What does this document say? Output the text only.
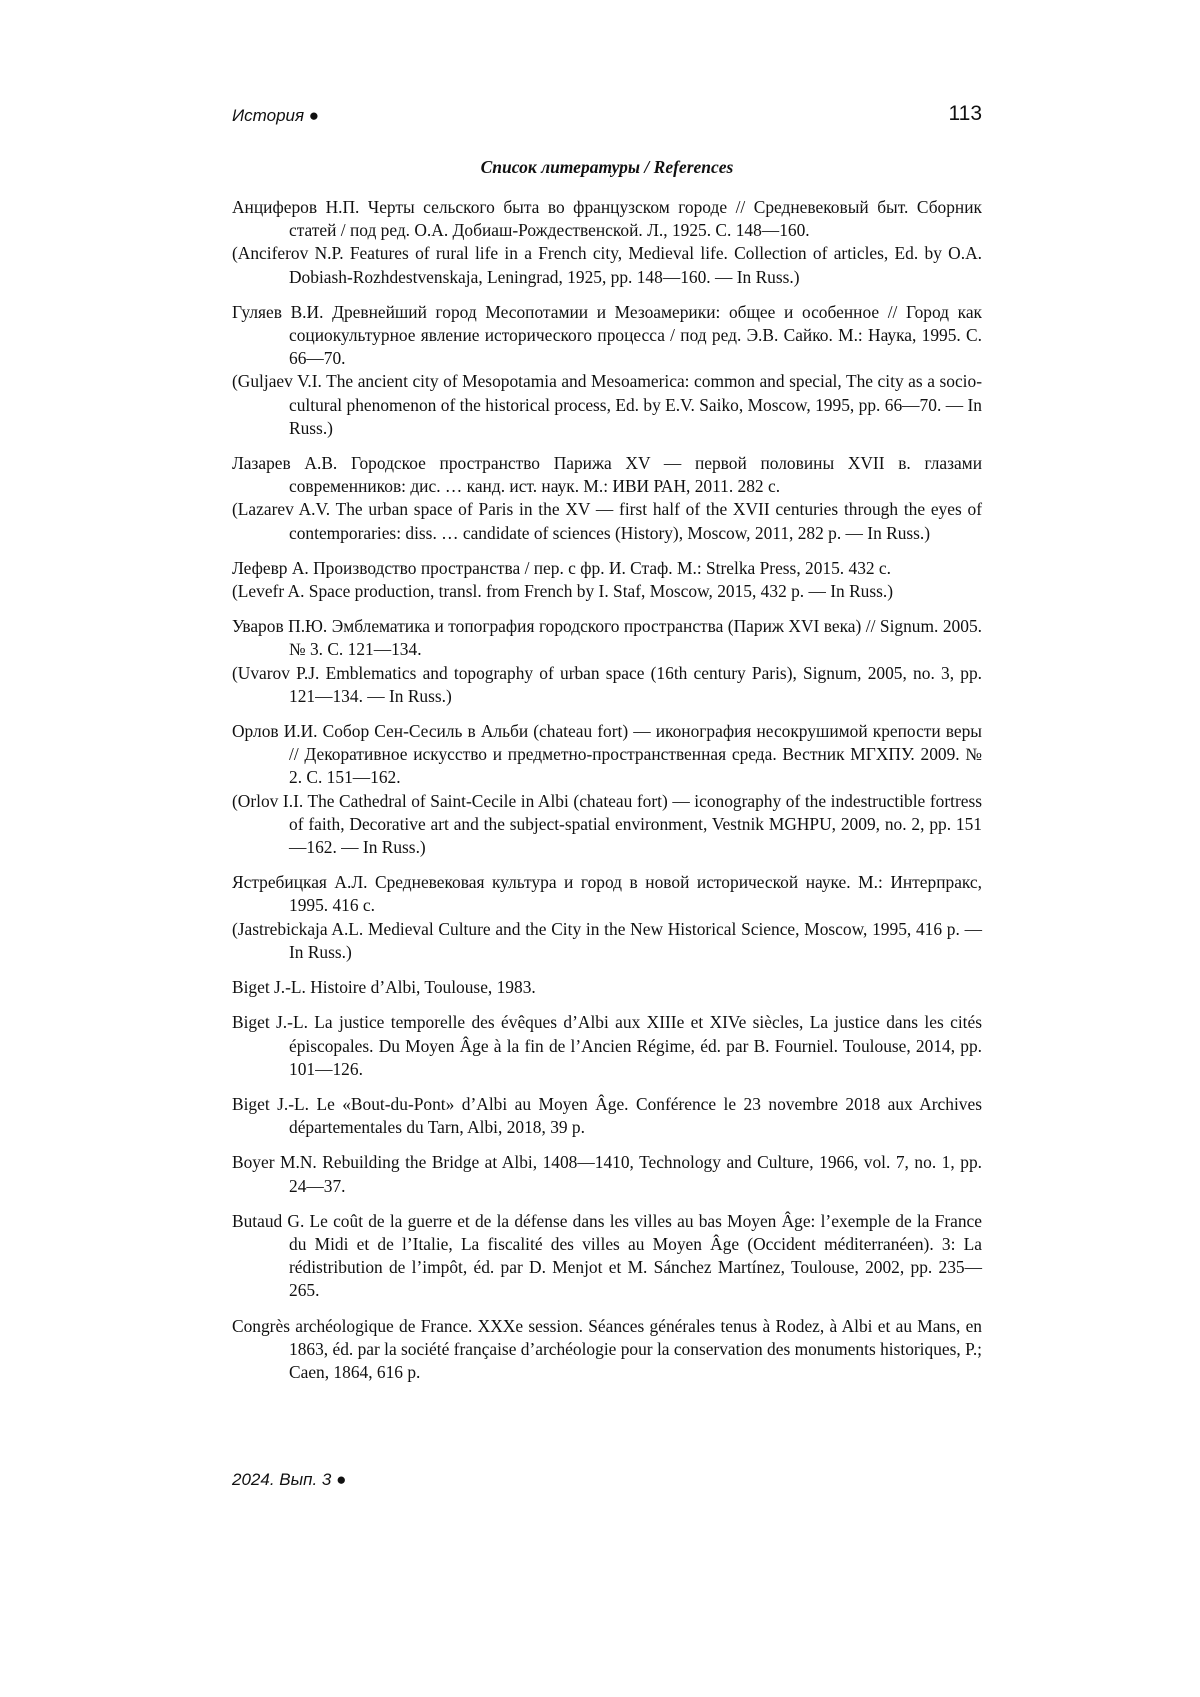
История ●	113
Список литературы / References

Анциферов Н.П. Черты сельского быта во французском городе // Средневековый быт. Сборник статей / под ред. О.А. Добиаш-Рождественской. Л., 1925. С. 148—160.

(Anciferov N.P. Features of rural life in a French city, Medieval life. Collection of articles, Ed. by O.A. Dobiash-Rozhdestvenskaja, Leningrad, 1925, pp. 148—160. — In Russ.)

Гуляев В.И. Древнейший город Месопотамии и Мезоамерики: общее и особенное // Город как социокультурное явление исторического процесса / под ред. Э.В. Сайко. М.: Наука, 1995. С. 66—70.

(Guljaev V.I. The ancient city of Mesopotamia and Mesoamerica: common and special, The city as a socio-cultural phenomenon of the historical process, Ed. by E.V. Saiko, Moscow, 1995, pp. 66—70. — In Russ.)

Лазарев А.В. Городское пространство Парижа XV — первой половины XVII в. глазами современников: дис. … канд. ист. наук. М.: ИВИ РАН, 2011. 282 с.

(Lazarev A.V. The urban space of Paris in the XV — first half of the XVII centuries through the eyes of contemporaries: diss. … candidate of sciences (History), Moscow, 2011, 282 p. — In Russ.)

Лефевр А. Производство пространства / пер. с фр. И. Стаф. М.: Strelka Press, 2015. 432 с.

(Levefr A. Space production, transl. from French by I. Staf, Moscow, 2015, 432 p. — In Russ.)

Уваров П.Ю. Эмблематика и топография городского пространства (Париж XVI века) // Signum. 2005. № 3. С. 121—134.

(Uvarov P.J. Emblematics and topography of urban space (16th century Paris), Signum, 2005, no. 3, pp. 121—134. — In Russ.)

Орлов И.И. Собор Сен-Сесиль в Альби (chateau fort) — иконография несокрушимой крепости веры // Декоративное искусство и предметно-пространственная среда. Вестник МГХПУ. 2009. № 2. С. 151—162.

(Orlov I.I. The Cathedral of Saint-Cecile in Albi (chateau fort) — iconography of the indestructible fortress of faith, Decorative art and the subject-spatial environment, Vestnik MGHPU, 2009, no. 2, pp. 151—162. — In Russ.)

Ястребицкая А.Л. Средневековая культура и город в новой исторической науке. М.: Интерпракс, 1995. 416 с.

(Jastrebickaja A.L. Medieval Culture and the City in the New Historical Science, Moscow, 1995, 416 p. — In Russ.)

Biget J.-L. Histoire d’Albi, Toulouse, 1983.

Biget J.-L. La justice temporelle des évêques d’Albi aux XIIIe et XIVe siècles, La justice dans les cités épiscopales. Du Moyen Âge à la fin de l’Ancien Régime, éd. par B. Fourniel. Toulouse, 2014, pp. 101—126.

Biget J.-L. Le «Bout-du-Pont» d’Albi au Moyen Âge. Conférence le 23 novembre 2018 aux Archives départementales du Tarn, Albi, 2018, 39 p.

Boyer M.N. Rebuilding the Bridge at Albi, 1408—1410, Technology and Culture, 1966, vol. 7, no. 1, pp. 24—37.

Butaud G. Le coût de la guerre et de la défense dans les villes au bas Moyen Âge: l’exemple de la France du Midi et de l’Italie, La fiscalité des villes au Moyen Âge (Occident méditerranéen). 3: La rédistribution de l’impôt, éd. par D. Menjot et M. Sánchez Martínez, Toulouse, 2002, pp. 235—265.

Congrès archéologique de France. XXXe session. Séances générales tenus à Rodez, à Albi et au Mans, en 1863, éd. par la société française d’archéologie pour la conservation des monuments historiques, P.; Caen, 1864, 616 p.

2024. Вып. 3 ●
